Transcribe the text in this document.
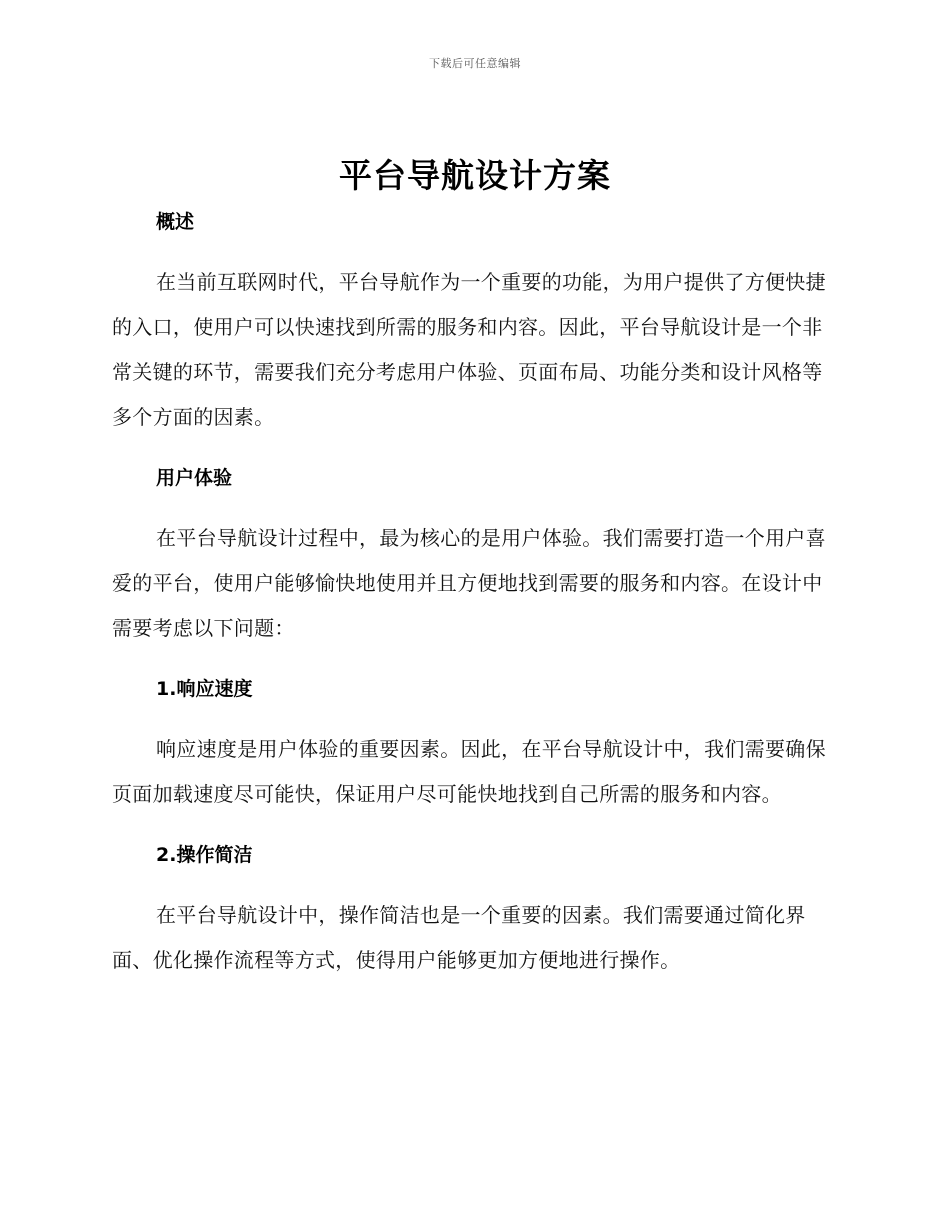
下载后可任意编辑
平台导航设计方案
概述

在当前互联网时代，平台导航作为一个重要的功能，为用户提供了方便快捷的入口，使用户可以快速找到所需的服务和内容。因此，平台导航设计是一个非常关键的环节，需要我们充分考虑用户体验、页面布局、功能分类和设计风格等多个方面的因素。

用户体验

在平台导航设计过程中，最为核心的是用户体验。我们需要打造一个用户喜爱的平台，使用户能够愉快地使用并且方便地找到需要的服务和内容。在设计中需要考虑以下问题：

1.响应速度

响应速度是用户体验的重要因素。因此，在平台导航设计中，我们需要确保页面加载速度尽可能快，保证用户尽可能快地找到自己所需的服务和内容。

2.操作简洁

在平台导航设计中，操作简洁也是一个重要的因素。我们需要通过简化界面、优化操作流程等方式，使得用户能够更加方便地进行操作。
